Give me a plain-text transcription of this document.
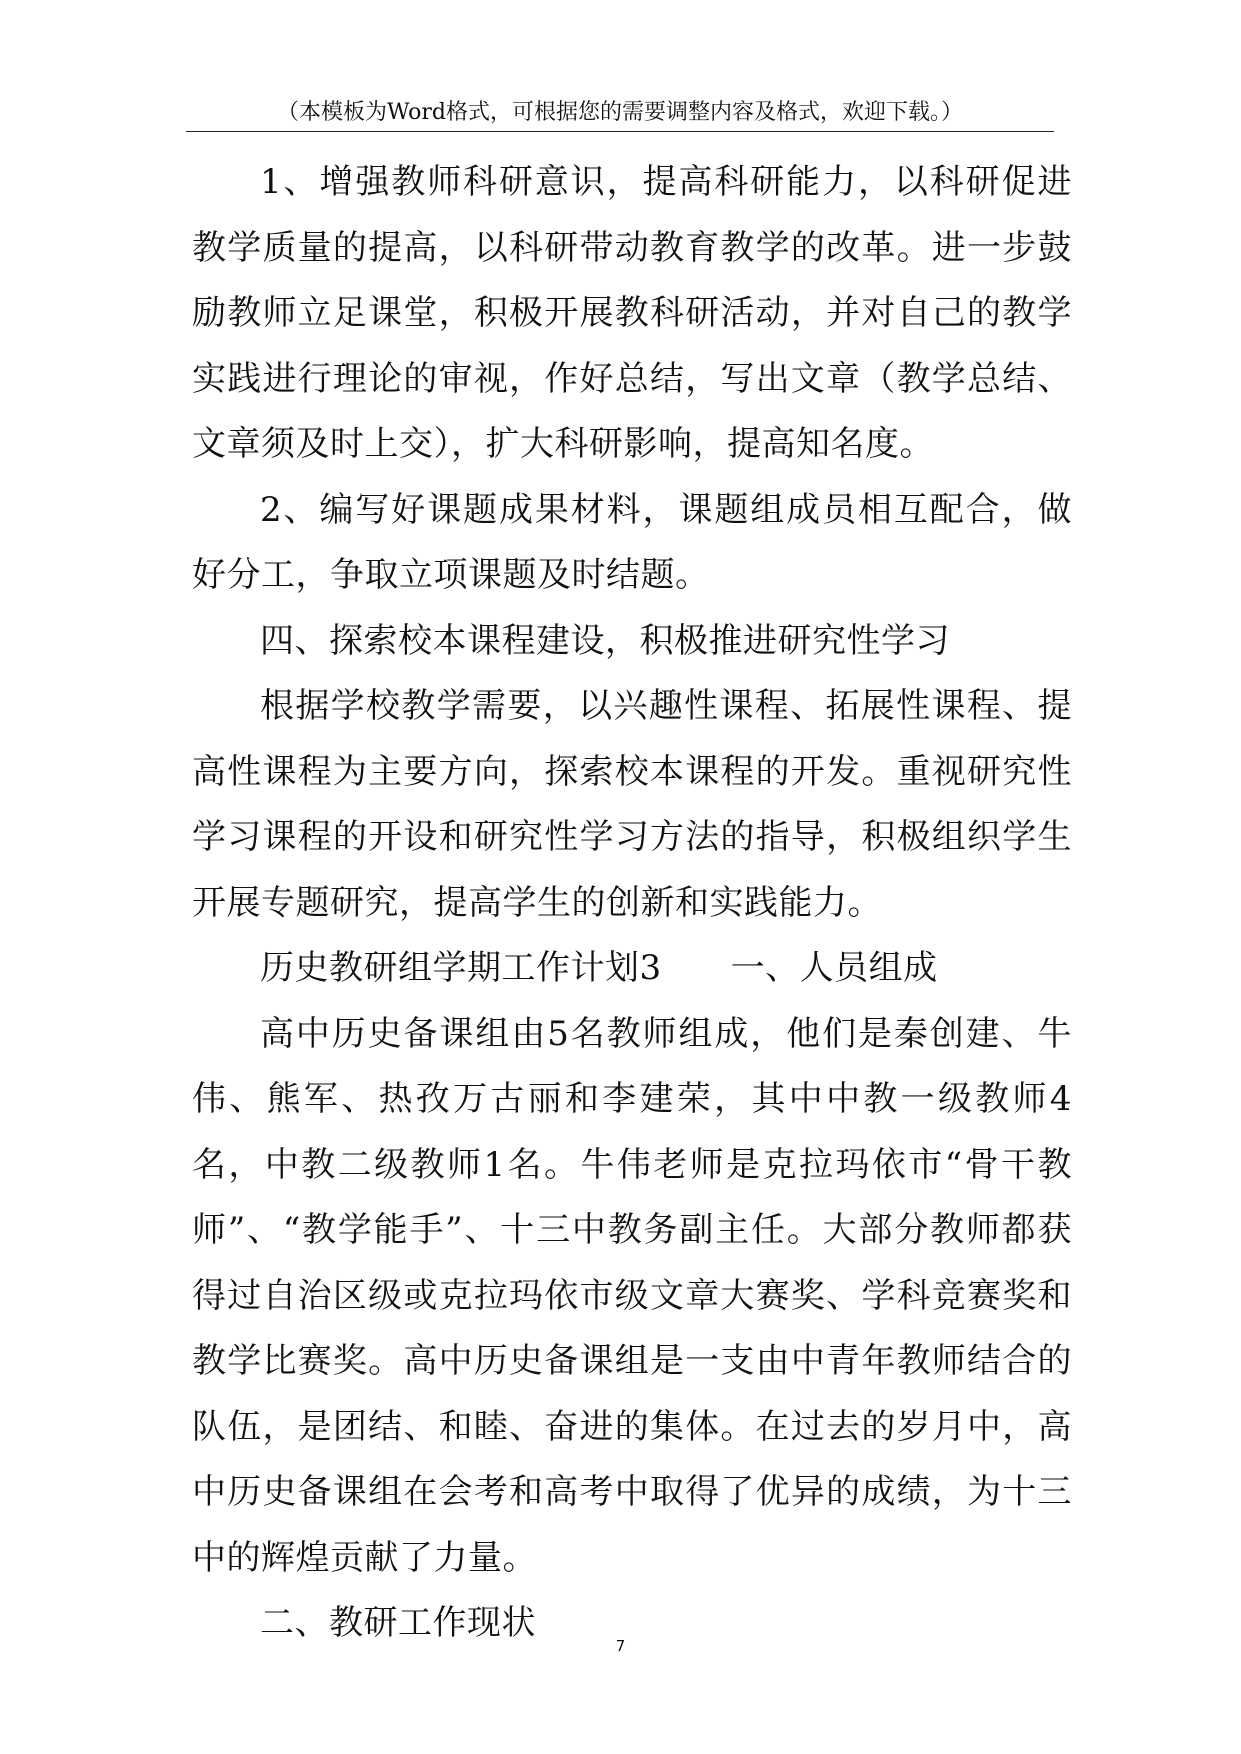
（本模板为Word格式，可根据您的需要调整内容及格式，欢迎下载。）

1、增强教师科研意识，提高科研能力，以科研促进教学质量的提高，以科研带动教育教学的改革。进一步鼓励教师立足课堂，积极开展教科研活动，并对自己的教学实践进行理论的审视，作好总结，写出文章（教学总结、文章须及时上交），扩大科研影响，提高知名度。

2、编写好课题成果材料，课题组成员相互配合，做好分工，争取立项课题及时结题。

四、探索校本课程建设，积极推进研究性学习

根据学校教学需要，以兴趣性课程、拓展性课程、提高性课程为主要方向，探索校本课程的开发。重视研究性学习课程的开设和研究性学习方法的指导，积极组织学生开展专题研究，提高学生的创新和实践能力。

历史教研组学期工作计划3　　一、人员组成

高中历史备课组由5名教师组成，他们是秦创建、牛伟、熊军、热孜万古丽和李建荣，其中中教一级教师4名，中教二级教师1名。牛伟老师是克拉玛依市“骨干教师”、“教学能手”、十三中教务副主任。大部分教师都获得过自治区级或克拉玛依市级文章大赛奖、学科竞赛奖和教学比赛奖。高中历史备课组是一支由中青年教师结合的队伍，是团结、和睦、奋进的集体。在过去的岁月中，高中历史备课组在会考和高考中取得了优异的成绩，为十三中的辉煌贡献了力量。

二、教研工作现状

7
